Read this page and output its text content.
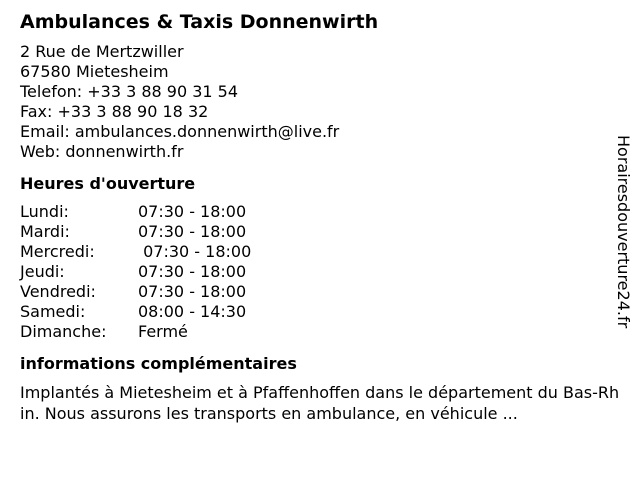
Ambulances & Taxis Donnenwirth
2 Rue de Mertzwiller
67580 Mietesheim
Telefon: +33 3 88 90 31 54
Fax: +33 3 88 90 18 32
Email: ambulances.donnenwirth@live.fr
Web: donnenwirth.fr
Heures d'ouverture
Lundi:	07:30 - 18:00
Mardi:	07:30 - 18:00
Mercredi:	07:30 - 18:00
Jeudi:	07:30 - 18:00
Vendredi:	07:30 - 18:00
Samedi:	08:00 - 14:30
Dimanche:	Fermé
informations complémentaires
Implantés à Mietesheim et à Pfaffenhoffen dans le département du Bas-Rhin. Nous assurons les transports en ambulance, en véhicule ...
Horairesdouverture24.fr
